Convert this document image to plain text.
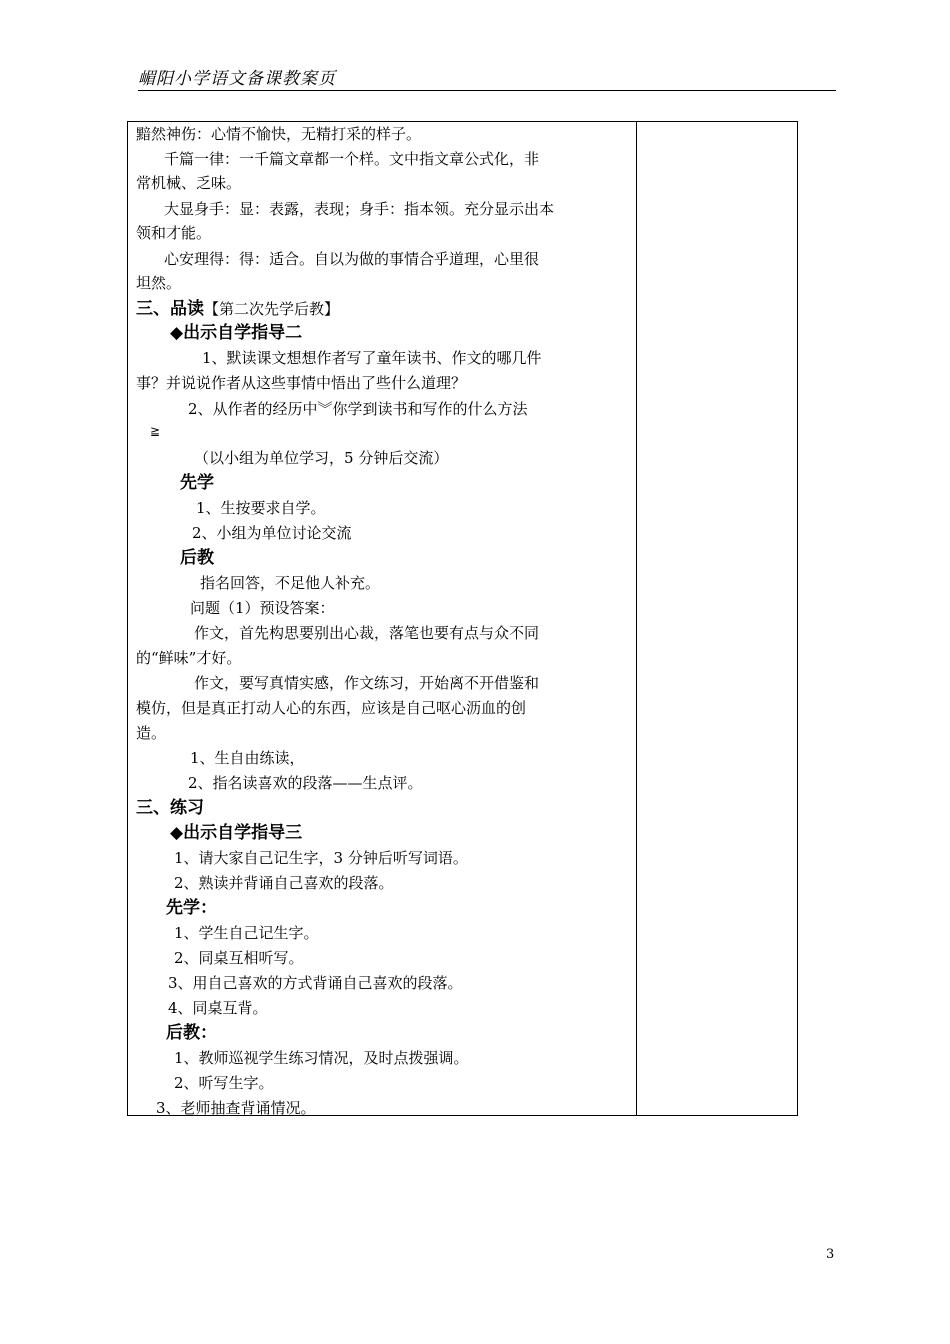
嵋阳小学语文备课教案页
黯然神伤：心情不愉快，无精打采的样子。
千篇一律：一千篇文章都一个样。文中指文章公式化，非
常机械、乏味。
大显身手：显：表露，表现；身手：指本领。充分显示出本
领和才能。
心安理得：得：适合。自以为做的事情合乎道理，心里很
坦然。
三、品读【第二次先学后教】
◆出示自学指导二
1、默读课文想想作者写了童年读书、作文的哪几件
事？并说说作者从这些事情中悟出了些什么道理？
2、从作者的经历中︾你学到读书和写作的什么方法
≧
（以小组为单位学习，5 分钟后交流）
先学
1、生按要求自学。
2、小组为单位讨论交流
后教
指名回答，不足他人补充。
问题（1）预设答案：
作文，首先构思要别出心裁，落笔也要有点与众不同
的“鲜味”才好。
作文，要写真情实感，作文练习，开始离不开借鉴和
模仿，但是真正打动人心的东西，应该是自己呕心沥血的创
造。
1、生自由练读，
2、指名读喜欢的段落——生点评。
三、练习
◆出示自学指导三
1、请大家自己记生字，3 分钟后听写词语。
2、熟读并背诵自己喜欢的段落。
先学：
1、学生自己记生字。
2、同桌互相听写。
3、用自己喜欢的方式背诵自己喜欢的段落。
4、同桌互背。
后教：
1、教师巡视学生练习情况，及时点拨强调。
2、听写生字。
3、老师抽查背诵情况。
3
